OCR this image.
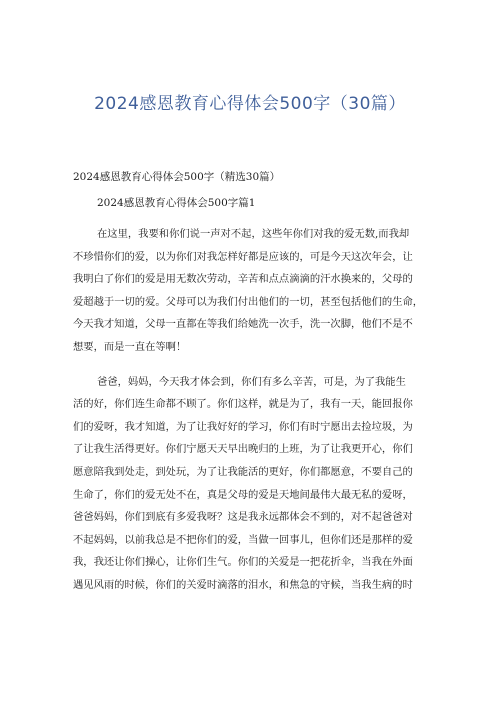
2024感恩教育心得体会500字（30篇）
2024感恩教育心得体会500字（精选30篇）
2024感恩教育心得体会500字篇1

在这里，我要和你们说一声对不起，这些年你们对我的爱无数,而我却
不珍惜你们的爱，以为你们对我怎样好都是应该的，可是今天这次年会，让
我明白了你们的爱是用无数次劳动，辛苦和点点滴滴的汗水换来的，父母的
爱超越于一切的爱。父母可以为我们付出他们的一切，甚至包括他们的生命，
今天我才知道，父母一直都在等我们给她洗一次手，洗一次脚，他们不是不
想要，而是一直在等啊！

爸爸，妈妈，今天我才体会到，你们有多么辛苦，可是，为了我能生
活的好，你们连生命都不顾了。你们这样，就是为了，我有一天，能回报你
们的爱呀，我才知道，为了让我好好的学习，你们有时宁愿出去捡垃圾，为
了让我生活得更好。你们宁愿天天早出晚归的上班，为了让我更开心，你们
愿意陪我到处走，到处玩，为了让我能活的更好，你们都愿意，不要自己的
生命了，你们的爱无处不在，真是父母的爱是天地间最伟大最无私的爱呀，
爸爸妈妈，你们到底有多爱我呀？这是我永远都体会不到的，对不起爸爸对
不起妈妈，以前我总是不把你们的爱，当做一回事儿，但你们还是那样的爱
我，我还让你们操心，让你们生气。你们的关爱是一把花折伞，当我在外面
遇见风雨的时候，你们的关爱时滴落的泪水，和焦急的守候，当我生病的时
